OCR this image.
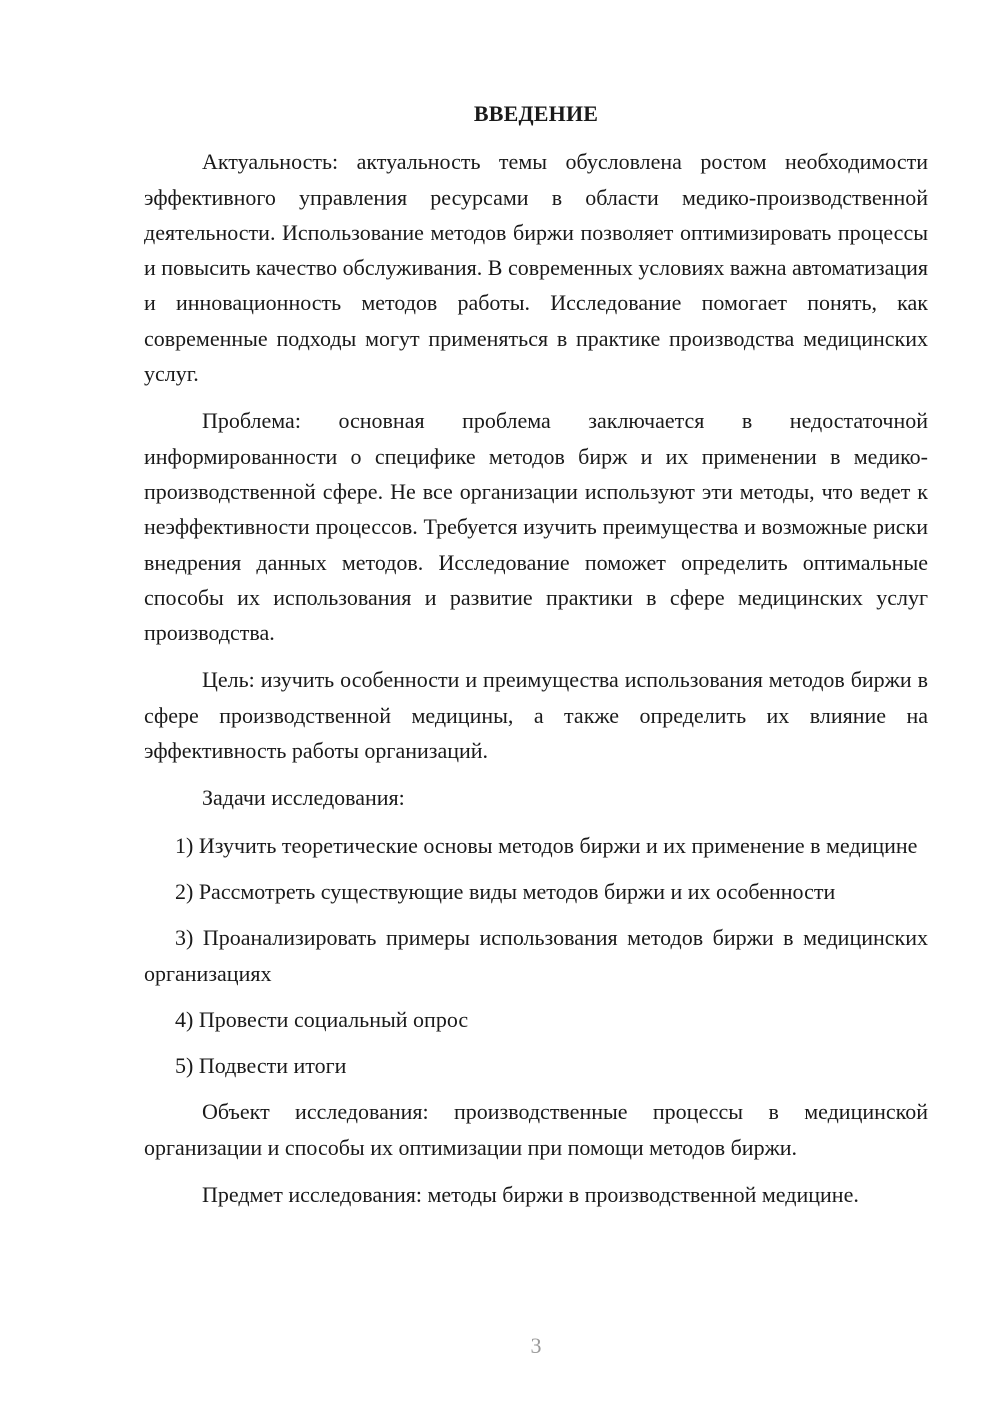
ВВЕДЕНИЕ

Актуальность: актуальность темы обусловлена ростом необходимости эффективного управления ресурсами в области медико-производственной деятельности. Использование методов биржи позволяет оптимизировать процессы и повысить качество обслуживания. В современных условиях важна автоматизация и инновационность методов работы. Исследование помогает понять, как современные подходы могут применяться в практике производства медицинских услуг.

Проблема: основная проблема заключается в недостаточной информированности о специфике методов бирж и их применении в медико-производственной сфере. Не все организации используют эти методы, что ведет к неэффективности процессов. Требуется изучить преимущества и возможные риски внедрения данных методов. Исследование поможет определить оптимальные способы их использования и развитие практики в сфере медицинских услуг производства.

Цель: изучить особенности и преимущества использования методов биржи в сфере производственной медицины, а также определить их влияние на эффективность работы организаций.

Задачи исследования:

1) Изучить теоретические основы методов биржи и их применение в медицине

2) Рассмотреть существующие виды методов биржи и их особенности

3) Проанализировать примеры использования методов биржи в медицинских организациях

4) Провести социальный опрос

5) Подвести итоги

Объект исследования: производственные процессы в медицинской организации и способы их оптимизации при помощи методов биржи.

Предмет исследования: методы биржи в производственной медицине.

3
